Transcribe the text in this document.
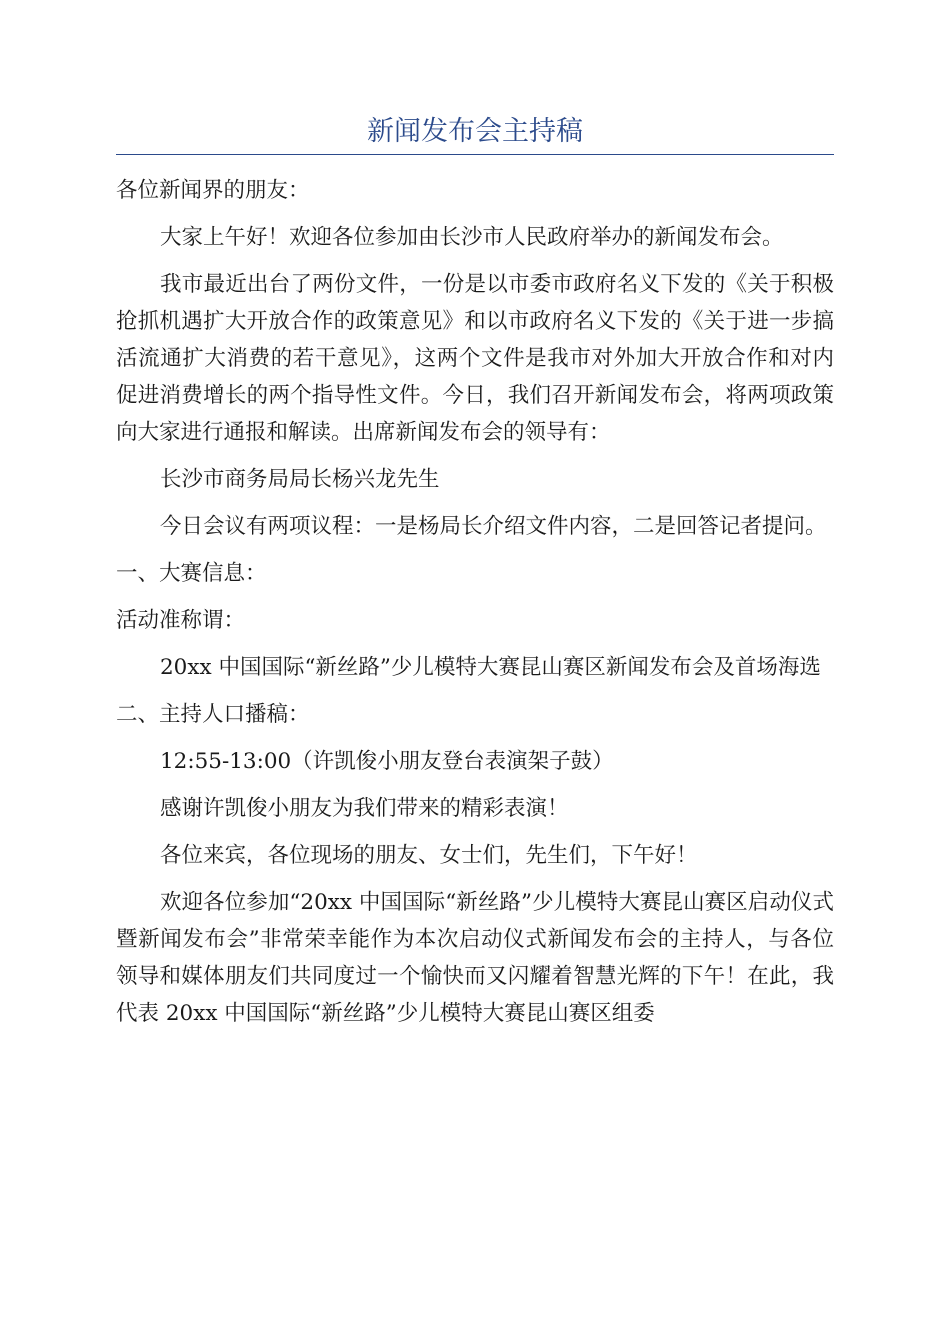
新闻发布会主持稿

各位新闻界的朋友：

大家上午好！欢迎各位参加由长沙市人民政府举办的新闻发布会。

我市最近出台了两份文件，一份是以市委市政府名义下发的《关于积极抢抓机遇扩大开放合作的政策意见》和以市政府名义下发的《关于进一步搞活流通扩大消费的若干意见》，这两个文件是我市对外加大开放合作和对内促进消费增长的两个指导性文件。今日，我们召开新闻发布会，将两项政策向大家进行通报和解读。出席新闻发布会的领导有：

长沙市商务局局长杨兴龙先生

今日会议有两项议程：一是杨局长介绍文件内容，二是回答记者提问。

一、大赛信息：

活动准称谓：

20xx 中国国际“新丝路”少儿模特大赛昆山赛区新闻发布会及首场海选

二、主持人口播稿：

12:55-13:00（许凯俊小朋友登台表演架子鼓）

感谢许凯俊小朋友为我们带来的精彩表演！

各位来宾，各位现场的朋友、女士们，先生们，下午好！

欢迎各位参加“20xx 中国国际“新丝路”少儿模特大赛昆山赛区启动仪式暨新闻发布会”非常荣幸能作为本次启动仪式新闻发布会的主持人，与各位领导和媒体朋友们共同度过一个愉快而又闪耀着智慧光辉的下午！在此，我代表 20xx 中国国际“新丝路”少儿模特大赛昆山赛区组委
